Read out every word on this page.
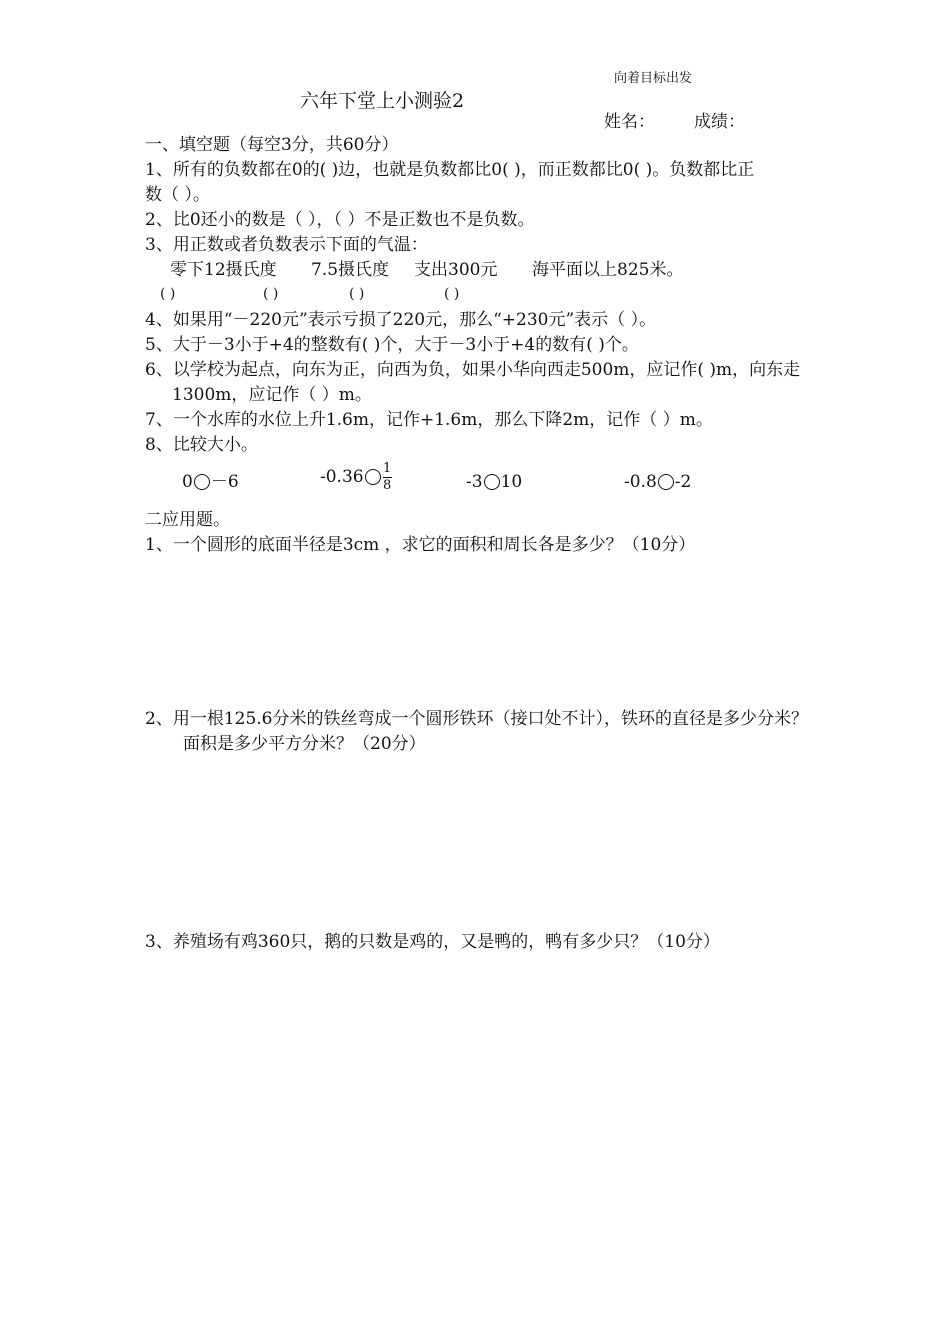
向着目标出发
六年下堂上小测验2
姓名： 成绩：
一、填空题（每空3分，共60分）
1、所有的负数都在0的( )边，也就是负数都比0( )，而正数都比0( )。负数都比正
数（ ）。
2、比0还小的数是（ ），（ ）不是正数也不是负数。
3、用正数或者负数表示下面的气温：
零下12摄氏度 7.5摄氏度 支出300元 海平面以上825米。
( )	( )	( )	( )
4、如果用“－220元”表示亏损了220元，那么“+230元”表示（ ）。
5、大于－3小于+4的整数有( )个，大于－3小于+4的数有( )个。
6、以学校为起点，向东为正，向西为负，如果小华向西走500m，应记作( )m，向东走
1300m，应记作（ ）m。
7、一个水库的水位上升1.6m，记作+1.6m，那么下降2m，记作（ ）m。
8、比较大小。
0 －6	$-0.36 \frac{1}{8}$	-3 10	-0.8 -2
二应用题。
1、一个圆形的底面半径是3cm ，求它的面积和周长各是多少？（10分）
2、用一根125.6分米的铁丝弯成一个圆形铁环（接口处不计），铁环的直径是多少分米？
面积是多少平方分米？（20分）
3、养殖场有鸡360只，鹅的只数是鸡的，又是鸭的，鸭有多少只？（10分）
